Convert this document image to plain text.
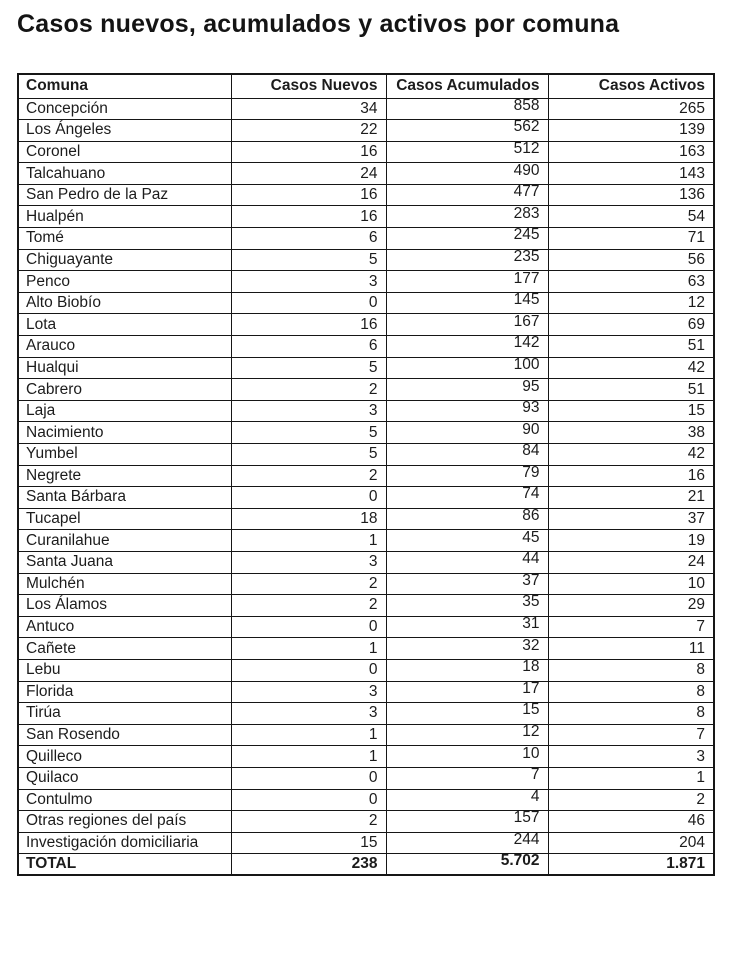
Casos nuevos, acumulados y activos por comuna
Comuna	Casos Nuevos	Casos Acumulados	Casos Activos
Concepción	34	858	265
Los Ángeles	22	562	139
Coronel	16	512	163
Talcahuano	24	490	143
San Pedro de la Paz	16	477	136
Hualpén	16	283	54
Tomé	6	245	71
Chiguayante	5	235	56
Penco	3	177	63
Alto Biobío	0	145	12
Lota	16	167	69
Arauco	6	142	51
Hualqui	5	100	42
Cabrero	2	95	51
Laja	3	93	15
Nacimiento	5	90	38
Yumbel	5	84	42
Negrete	2	79	16
Santa Bárbara	0	74	21
Tucapel	18	86	37
Curanilahue	1	45	19
Santa Juana	3	44	24
Mulchén	2	37	10
Los Álamos	2	35	29
Antuco	0	31	7
Cañete	1	32	11
Lebu	0	18	8
Florida	3	17	8
Tirúa	3	15	8
San Rosendo	1	12	7
Quilleco	1	10	3
Quilaco	0	7	1
Contulmo	0	4	2
Otras regiones del país	2	157	46
Investigación domiciliaria	15	244	204
TOTAL	238	5.702	1.871
